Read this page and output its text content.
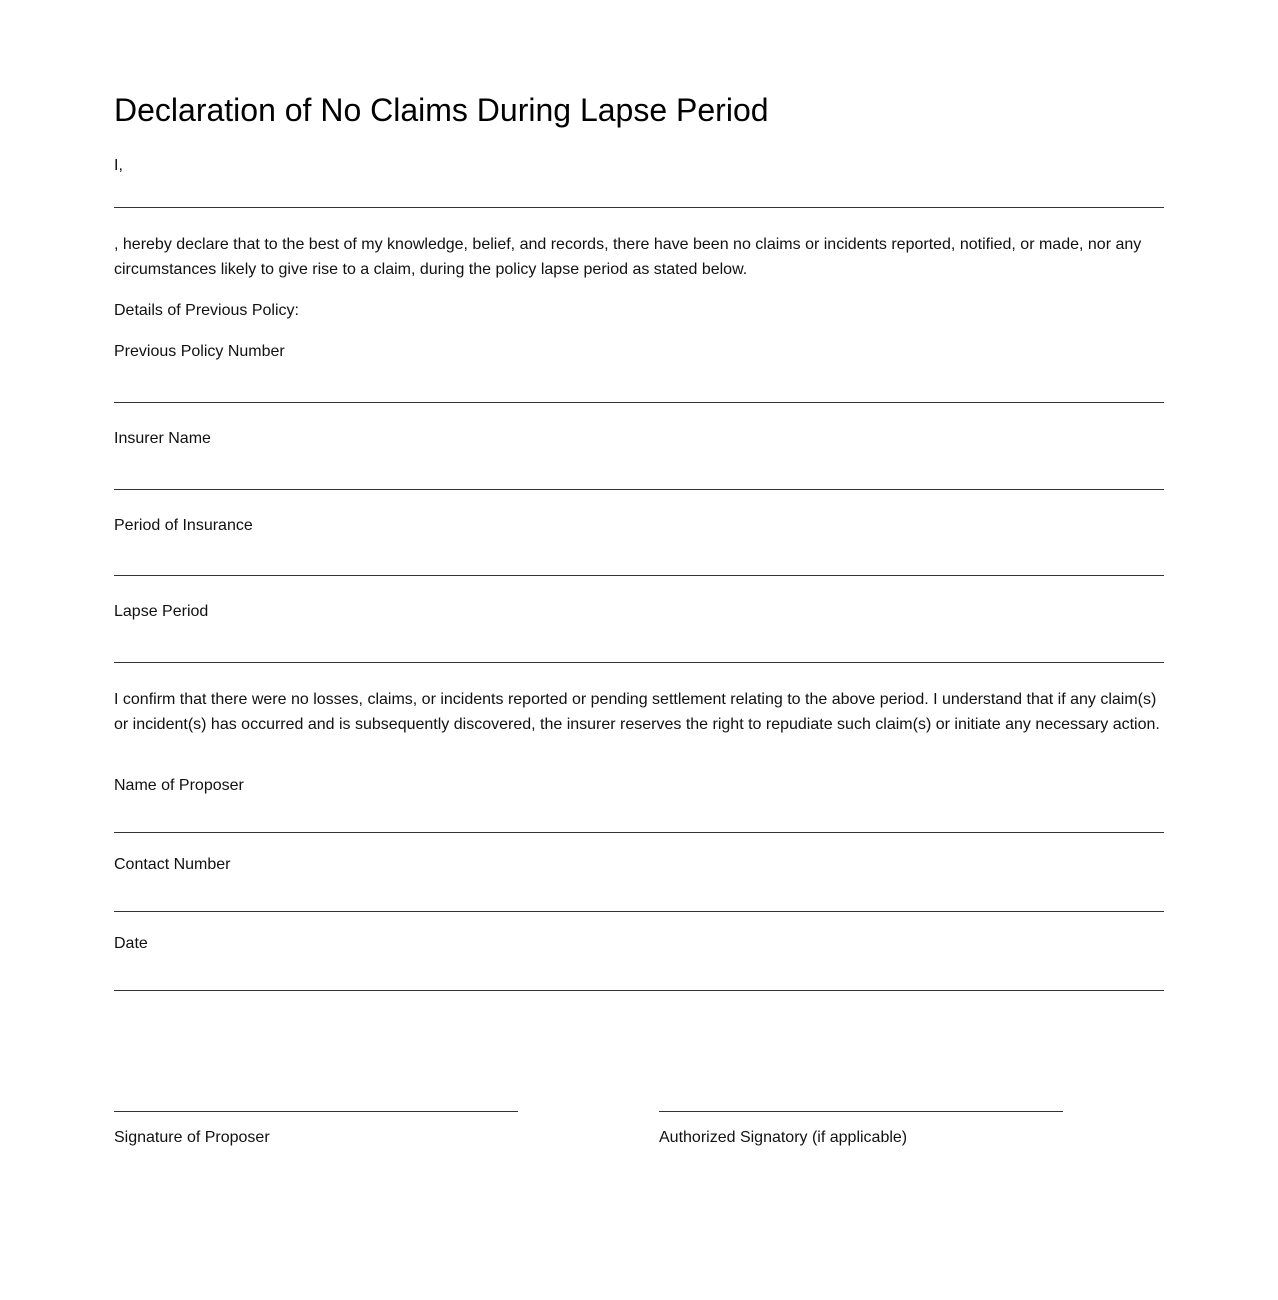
Declaration of No Claims During Lapse Period
I,
, hereby declare that to the best of my knowledge, belief, and records, there have been no claims or incidents reported, notified, or made, nor any circumstances likely to give rise to a claim, during the policy lapse period as stated below.
Details of Previous Policy:
Previous Policy Number
Insurer Name
Period of Insurance
Lapse Period
I confirm that there were no losses, claims, or incidents reported or pending settlement relating to the above period. I understand that if any claim(s) or incident(s) has occurred and is subsequently discovered, the insurer reserves the right to repudiate such claim(s) or initiate any necessary action.
Name of Proposer
Contact Number
Date
Signature of Proposer	Authorized Signatory (if applicable)
